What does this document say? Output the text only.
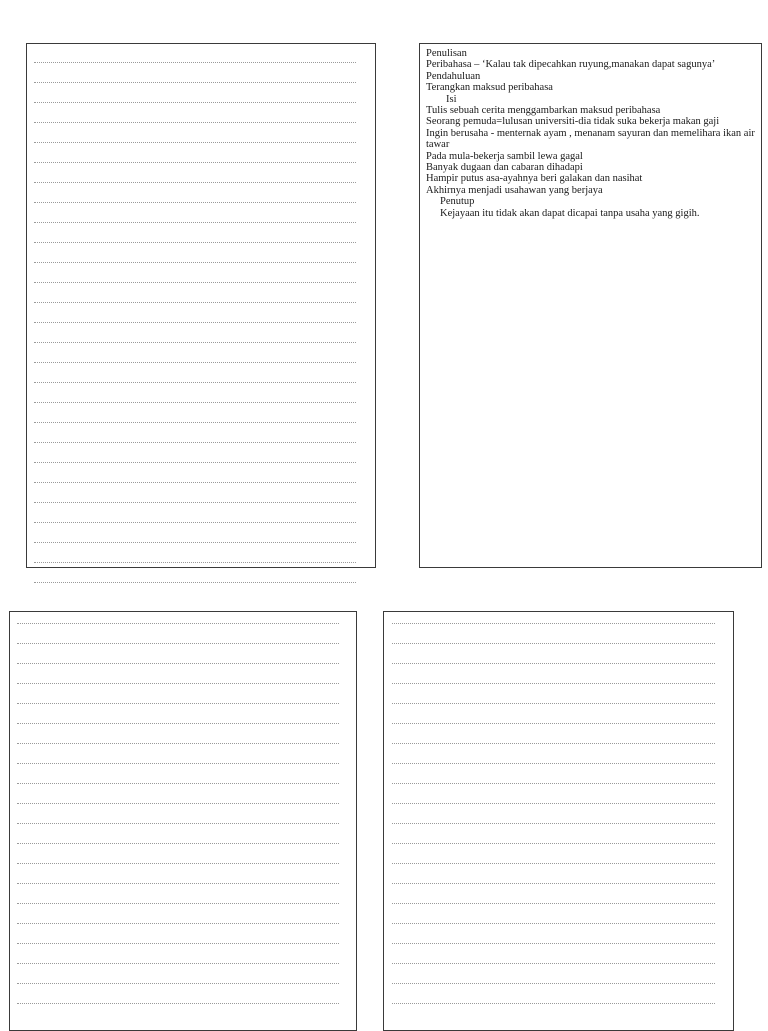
Penulisan
Peribahasa – ‘Kalau tak dipecahkan ruyung,manakan dapat sagunya’
Pendahuluan
Terangkan maksud peribahasa
Isi
Tulis sebuah cerita menggambarkan maksud peribahasa
Seorang pemuda=lulusan universiti-dia tidak suka bekerja makan gaji
Ingin berusaha - menternak ayam , menanam sayuran dan memelihara ikan air tawar
Pada mula-bekerja sambil lewa gagal
Banyak dugaan dan cabaran dihadapi
Hampir putus asa-ayahnya beri galakan dan nasihat
Akhirnya menjadi usahawan yang berjaya
Penutup
Kejayaan itu tidak akan dapat dicapai tanpa usaha yang gigih.
